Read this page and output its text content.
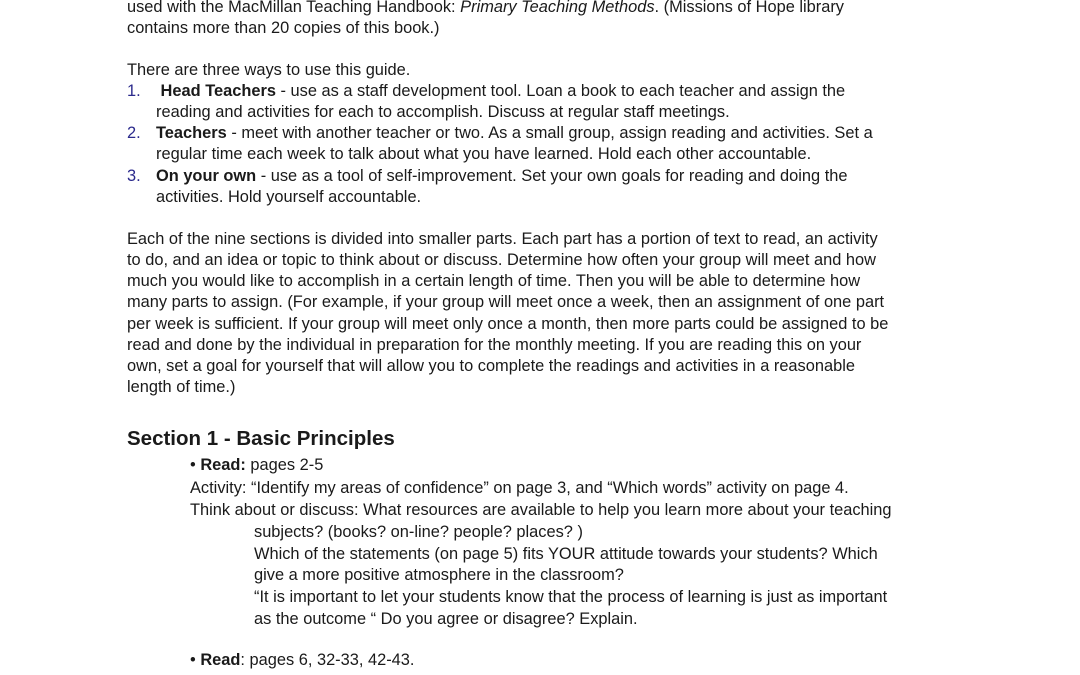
used with the MacMillan Teaching Handbook: Primary Teaching Methods. (Missions of Hope library
contains more than 20 copies of this book.)
There are three ways to use this guide.
1. Head Teachers - use as a staff development tool. Loan a book to each teacher and assign the
reading and activities for each to accomplish. Discuss at regular staff meetings.
2. Teachers - meet with another teacher or two. As a small group, assign reading and activities. Set a
regular time each week to talk about what you have learned. Hold each other accountable.
3. On your own - use as a tool of self-improvement. Set your own goals for reading and doing the
activities. Hold yourself accountable.
Each of the nine sections is divided into smaller parts. Each part has a portion of text to read, an activity
to do, and an idea or topic to think about or discuss. Determine how often your group will meet and how
much you would like to accomplish in a certain length of time. Then you will be able to determine how
many parts to assign. (For example, if your group will meet once a week, then an assignment of one part
per week is sufficient. If your group will meet only once a month, then more parts could be assigned to be
read and done by the individual in preparation for the monthly meeting. If you are reading this on your
own, set a goal for yourself that will allow you to complete the readings and activities in a reasonable
length of time.)
Section 1 - Basic Principles
• Read: pages 2-5
Activity: “Identify my areas of confidence” on page 3, and “Which words” activity on page 4.
Think about or discuss: What resources are available to help you learn more about your teaching
subjects? (books? on-line? people? places? )
Which of the statements (on page 5) fits YOUR attitude towards your students? Which
give a more positive atmosphere in the classroom?
“It is important to let your students know that the process of learning is just as important
as the outcome “ Do you agree or disagree? Explain.
• Read: pages 6, 32-33, 42-43.
